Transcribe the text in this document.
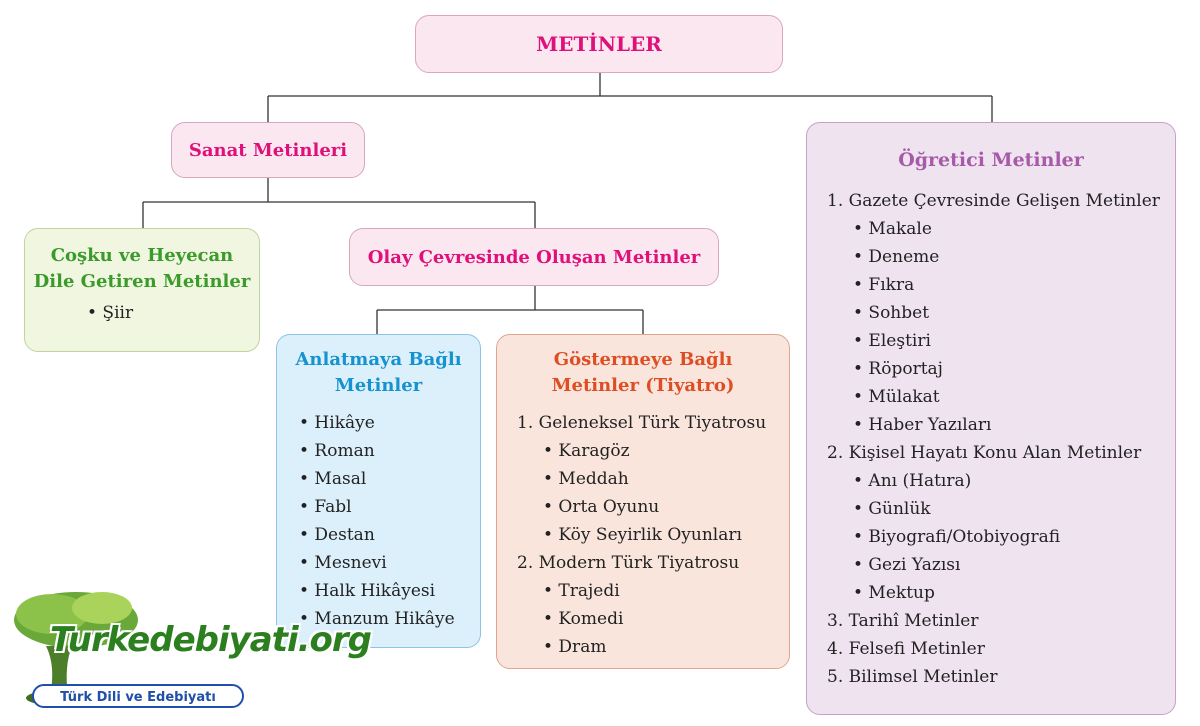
METİNLER
Sanat Metinleri
Coşku ve Heyecan
Dile Getiren Metinler
• Şiir
Olay Çevresinde Oluşan Metinler
Anlatmaya Bağlı
Metinler
• Hikâye
• Roman
• Masal
• Fabl
• Destan
• Mesnevi
• Halk Hikâyesi
• Manzum Hikâye
Göstermeye Bağlı
Metinler (Tiyatro)
1. Geleneksel Türk Tiyatrosu
• Karagöz
• Meddah
• Orta Oyunu
• Köy Seyirlik Oyunları
2. Modern Türk Tiyatrosu
• Trajedi
• Komedi
• Dram
Öğretici Metinler
1. Gazete Çevresinde Gelişen Metinler
• Makale
• Deneme
• Fıkra
• Sohbet
• Eleştiri
• Röportaj
• Mülakat
• Haber Yazıları
2. Kişisel Hayatı Konu Alan Metinler
• Anı (Hatıra)
• Günlük
• Biyografi/Otobiyografi
• Gezi Yazısı
• Mektup
3. Tarihî Metinler
4. Felsefi Metinler
5. Bilimsel Metinler
Turkedebiyati.org
Türk Dili ve Edebiyatı
